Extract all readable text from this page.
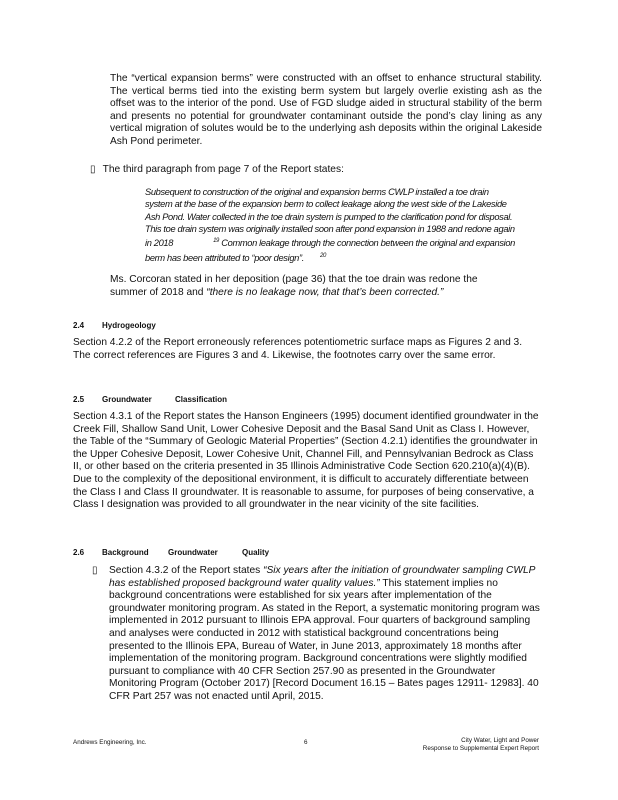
The “vertical expansion berms” were constructed with an offset to enhance structural stability. The vertical berms tied into the existing berm system but largely overlie existing ash as the offset was to the interior of the pond. Use of FGD sludge aided in structural stability of the berm and presents no potential for groundwater contaminant outside the pond’s clay lining as any vertical migration of solutes would be to the underlying ash deposits within the original Lakeside Ash Pond perimeter.

▯ The third paragraph from page 7 of the Report states:
Subsequent to construction of the original and expansion berms CWLP installed a toe drain system at the base of the expansion berm to collect leakage along the west side of the Lakeside Ash Pond. Water collected in the toe drain system is pumped to the clarification pond for disposal. This toe drain system was originally installed soon after pond expansion in 1988 and redone again in 2018	$^{19}$ Common leakage through the connection between the original and expansion berm has been attributed to “poor design”.	$^{20}$

Ms. Corcoran stated in her deposition (page 36) that the toe drain was redone the summer of 2018 and “there is no leakage now, that that’s been corrected.”

2.4 Hydrogeology

Section 4.2.2 of the Report erroneously references potentiometric surface maps as Figures 2 and 3. The correct references are Figures 3 and 4. Likewise, the footnotes carry over the same error.

2.5 Groundwater	Classification

Section 4.3.1 of the Report states the Hanson Engineers (1995) document identified groundwater in the Creek Fill, Shallow Sand Unit, Lower Cohesive Deposit and the Basal Sand Unit as Class I. However, the Table of the “Summary of Geologic Material Properties” (Section 4.2.1) identifies the groundwater in the Upper Cohesive Deposit, Lower Cohesive Unit, Channel Fill, and Pennsylvanian Bedrock as Class II, or other based on the criteria presented in 35 Illinois Administrative Code Section 620.210(a)(4)(B). Due to the complexity of the depositional environment, it is difficult to accurately differentiate between the Class I and Class II groundwater. It is reasonable to assume, for purposes of being conservative, a Class I designation was provided to all groundwater in the near vicinity of the site facilities.

2.6 Background Groundwater	Quality
▯ Section 4.3.2 of the Report states “Six years after the initiation of groundwater sampling CWLP has established proposed background water quality values.” This statement implies no background concentrations were established for six years after implementation of the groundwater monitoring program. As stated in the Report, a systematic monitoring program was implemented in 2012 pursuant to Illinois EPA approval. Four quarters of background sampling and analyses were conducted in 2012 with statistical background concentrations being presented to the Illinois EPA, Bureau of Water, in June 2013, approximately 18 months after implementation of the monitoring program. Background concentrations were slightly modified pursuant to compliance with 40 CFR Section 257.90 as presented in the Groundwater Monitoring Program (October 2017) [Record Document 16.15 – Bates pages 12911- 12983]. 40 CFR Part 257 was not enacted until April, 2015.

Andrews Engineering, Inc.	6	City Water, Light and Power
Response to Supplemental Expert Report
